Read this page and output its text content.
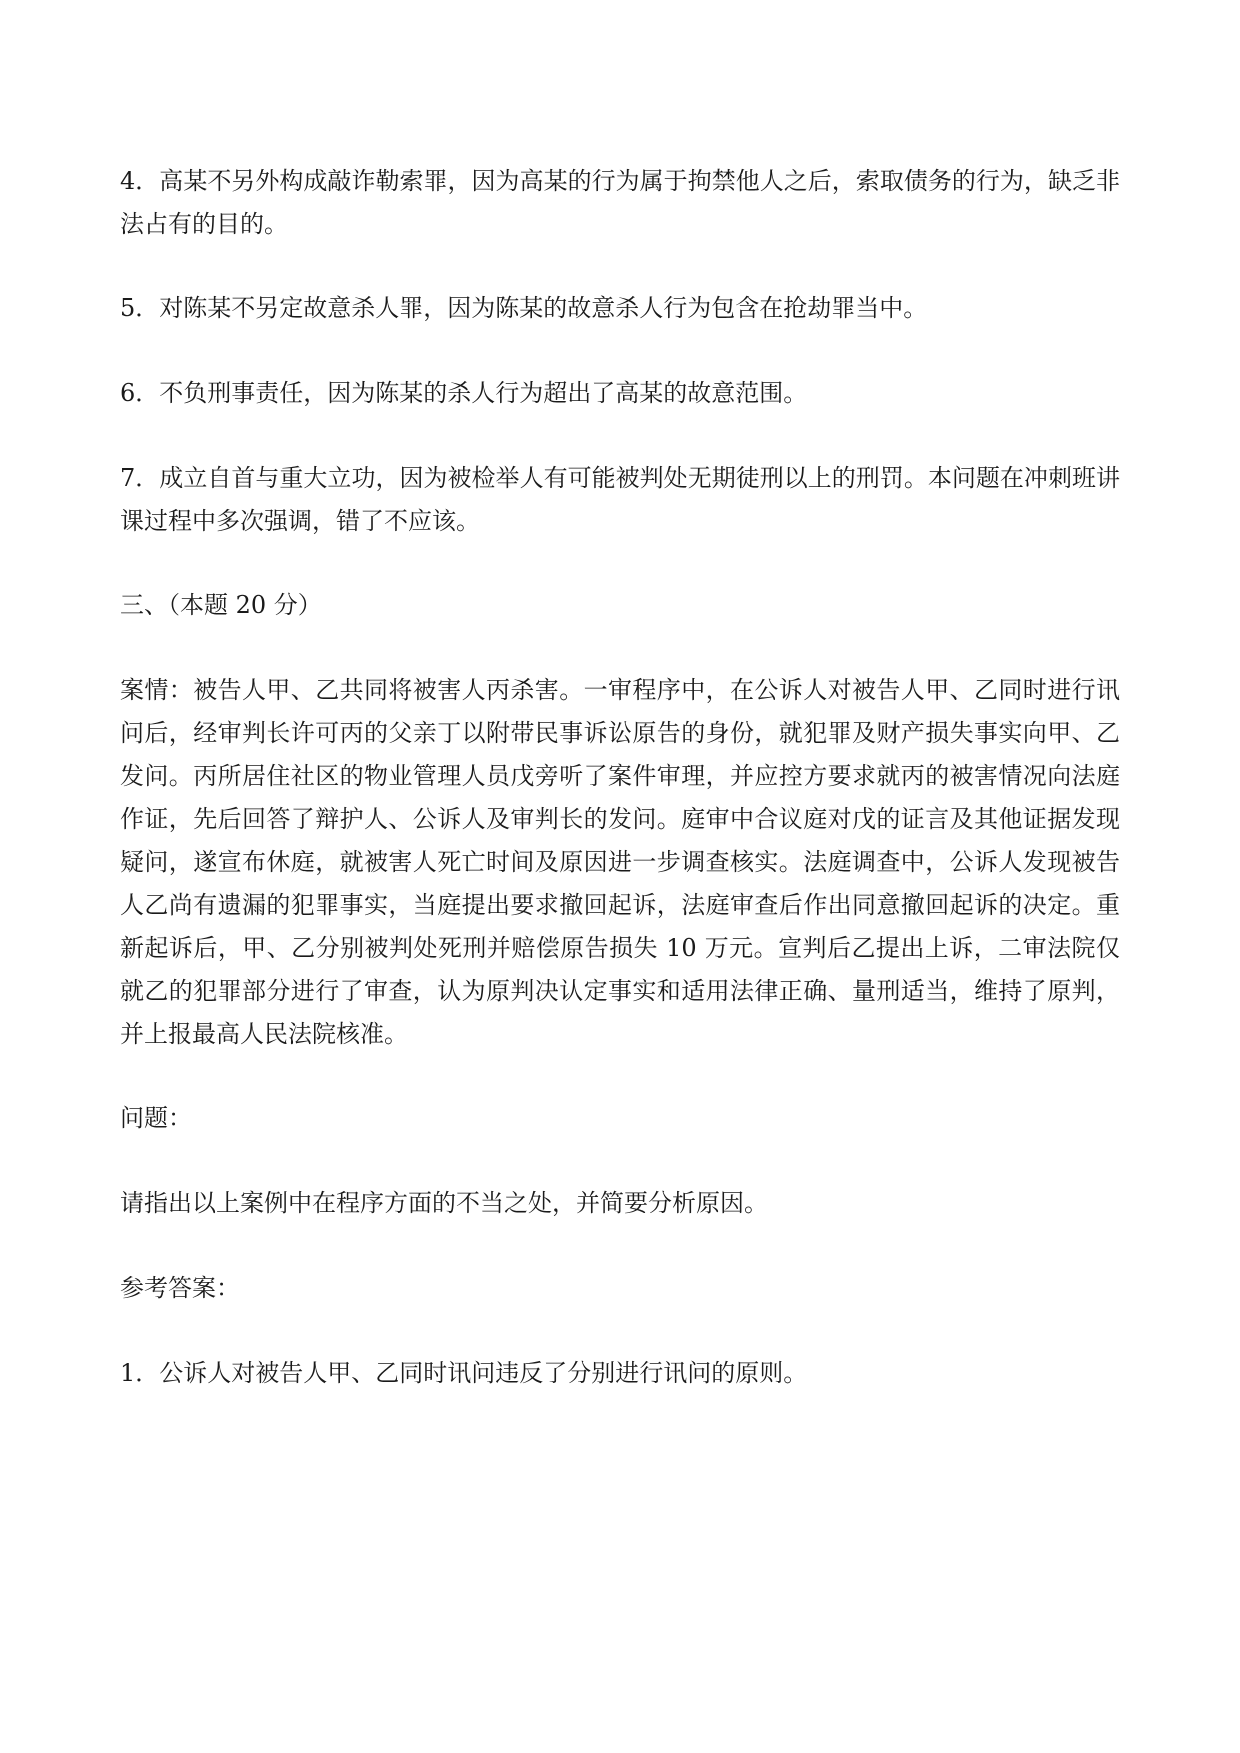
4．高某不另外构成敲诈勒索罪，因为高某的行为属于拘禁他人之后，索取债务的行为，缺乏非法占有的目的。

5．对陈某不另定故意杀人罪，因为陈某的故意杀人行为包含在抢劫罪当中。

6．不负刑事责任，因为陈某的杀人行为超出了高某的故意范围。

7．成立自首与重大立功，因为被检举人有可能被判处无期徒刑以上的刑罚。本问题在冲刺班讲课过程中多次强调，错了不应该。

三、（本题 20 分）

案情：被告人甲、乙共同将被害人丙杀害。一审程序中，在公诉人对被告人甲、乙同时进行讯问后，经审判长许可丙的父亲丁以附带民事诉讼原告的身份，就犯罪及财产损失事实向甲、乙发问。丙所居住社区的物业管理人员戊旁听了案件审理，并应控方要求就丙的被害情况向法庭作证，先后回答了辩护人、公诉人及审判长的发问。庭审中合议庭对戊的证言及其他证据发现疑问，遂宣布休庭，就被害人死亡时间及原因进一步调查核实。法庭调查中，公诉人发现被告人乙尚有遗漏的犯罪事实，当庭提出要求撤回起诉，法庭审查后作出同意撤回起诉的决定。重新起诉后，甲、乙分别被判处死刑并赔偿原告损失 10 万元。宣判后乙提出上诉，二审法院仅就乙的犯罪部分进行了审查，认为原判决认定事实和适用法律正确、量刑适当，维持了原判，并上报最高人民法院核准。

问题：

请指出以上案例中在程序方面的不当之处，并简要分析原因。

参考答案：

1．公诉人对被告人甲、乙同时讯问违反了分别进行讯问的原则。
